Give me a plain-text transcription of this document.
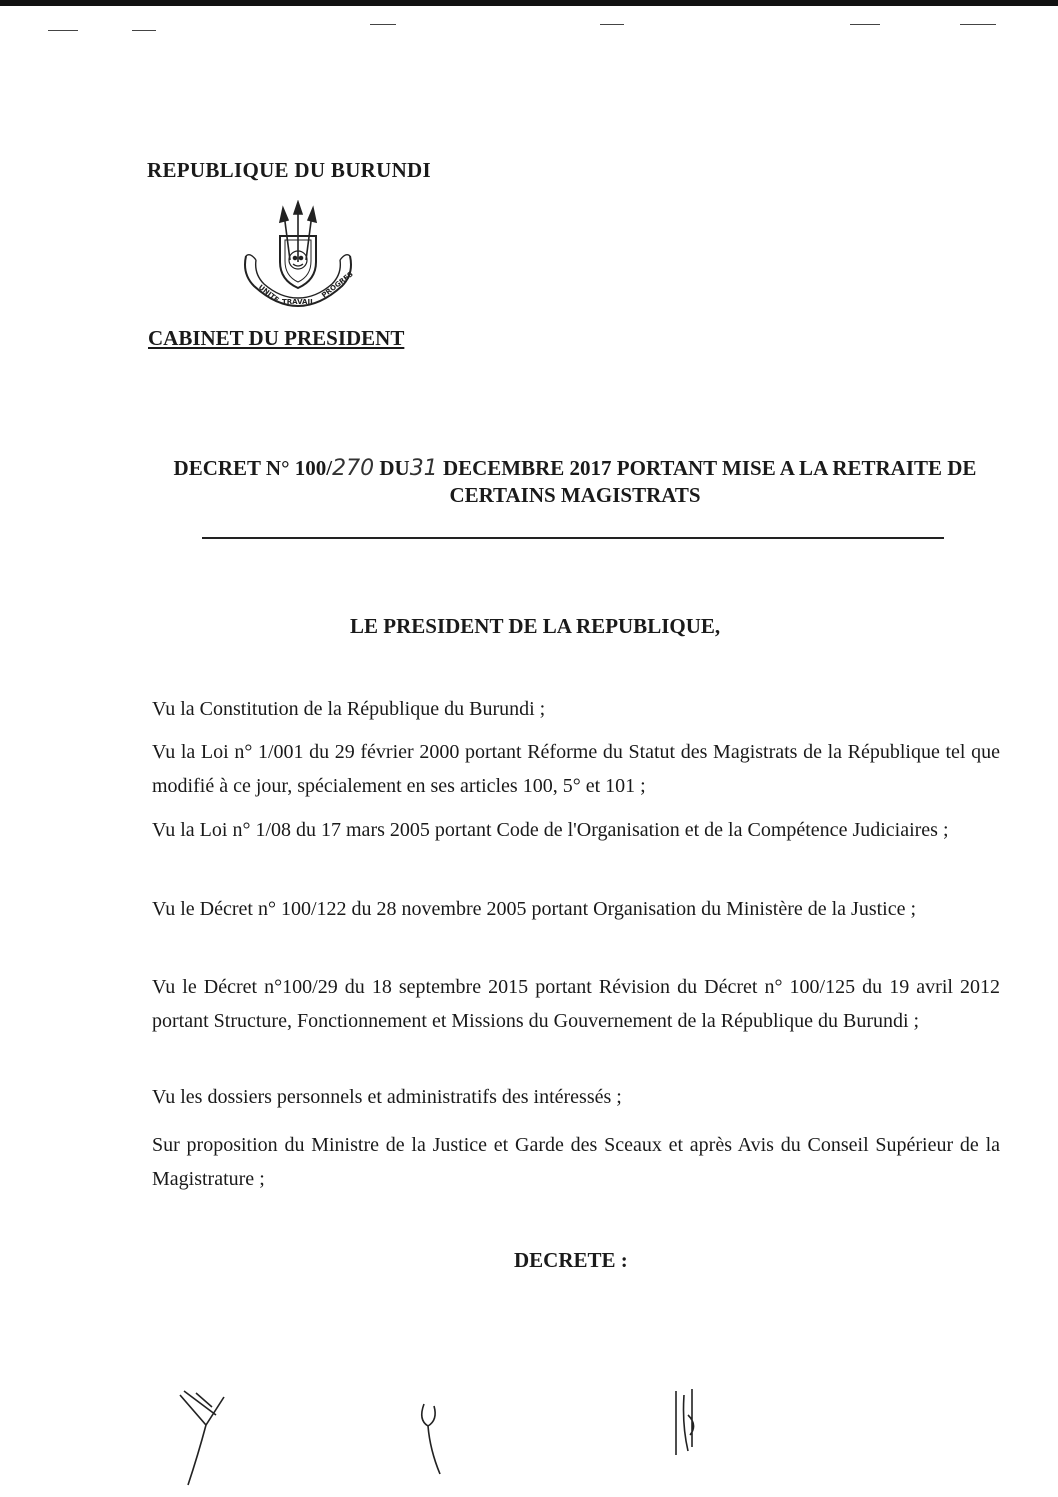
REPUBLIQUE DU BURUNDI
UNITE TRAVAIL
PROGRES
CABINET DU PRESIDENT
DECRET N° 100/270 DU31 DECEMBRE 2017 PORTANT MISE A LA RETRAITE DE CERTAINS MAGISTRATS
LE PRESIDENT DE LA REPUBLIQUE,

Vu la Constitution de la République du Burundi ;

Vu la Loi n° 1/001 du 29 février 2000 portant Réforme du Statut des Magistrats de la République tel que modifié à ce jour, spécialement en ses articles 100, 5° et 101 ;

Vu la Loi n° 1/08 du 17 mars 2005 portant Code de l'Organisation et de la Compétence Judiciaires ;

Vu le Décret n° 100/122 du 28 novembre 2005 portant Organisation du Ministère de la Justice ;

Vu le Décret n°100/29 du 18 septembre 2015 portant Révision du Décret n° 100/125 du 19 avril 2012 portant Structure, Fonctionnement et Missions du Gouvernement de la République du Burundi ;

Vu les dossiers personnels et administratifs des intéressés ;

Sur proposition du Ministre de la Justice et Garde des Sceaux et après Avis du Conseil Supérieur de la Magistrature ;

DECRETE :
